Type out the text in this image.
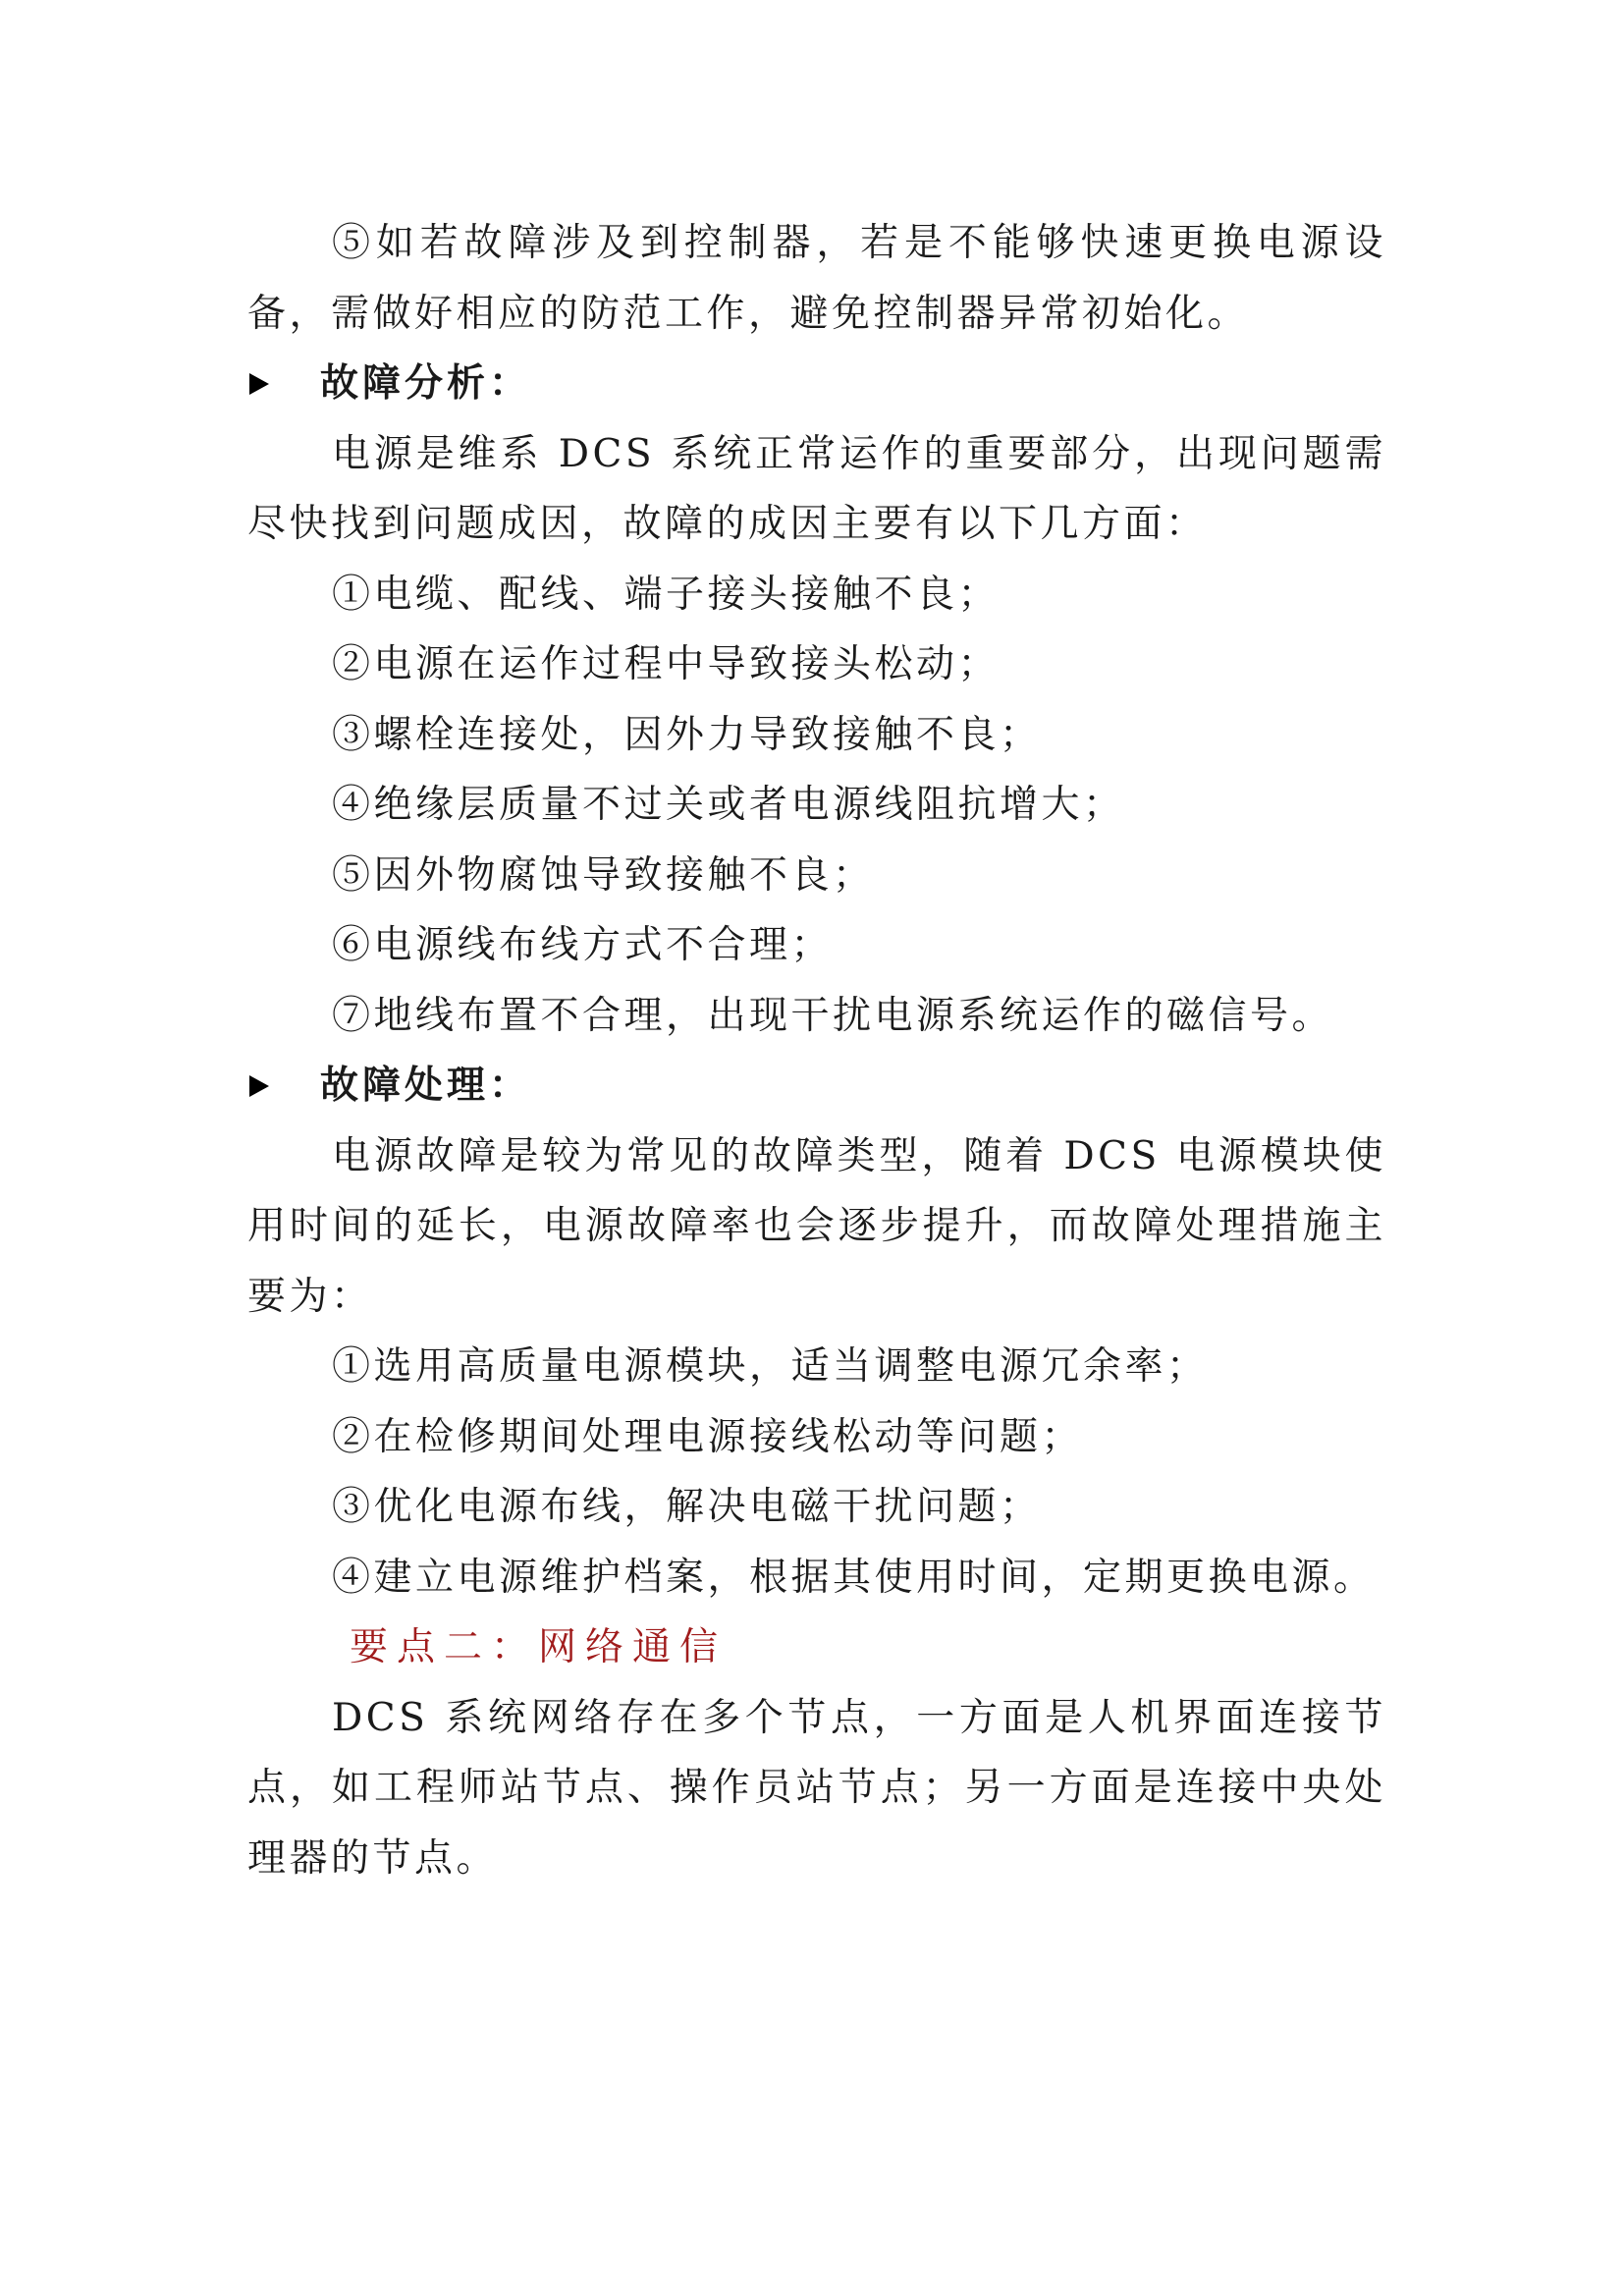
⑤如若故障涉及到控制器，若是不能够快速更换电源设备，需做好相应的防范工作，避免控制器异常初始化。

故障分析：

电源是维系 DCS 系统正常运作的重要部分，出现问题需尽快找到问题成因，故障的成因主要有以下几方面：

①电缆、配线、端子接头接触不良；

②电源在运作过程中导致接头松动；

③螺栓连接处，因外力导致接触不良；

④绝缘层质量不过关或者电源线阻抗增大；

⑤因外物腐蚀导致接触不良；

⑥电源线布线方式不合理；

⑦地线布置不合理，出现干扰电源系统运作的磁信号。

故障处理：

电源故障是较为常见的故障类型，随着 DCS 电源模块使用时间的延长，电源故障率也会逐步提升，而故障处理措施主要为：

①选用高质量电源模块，适当调整电源冗余率；

②在检修期间处理电源接线松动等问题；

③优化电源布线，解决电磁干扰问题；

④建立电源维护档案，根据其使用时间，定期更换电源。

要点二：网络通信

DCS 系统网络存在多个节点，一方面是人机界面连接节点，如工程师站节点、操作员站节点；另一方面是连接中央处理器的节点。
